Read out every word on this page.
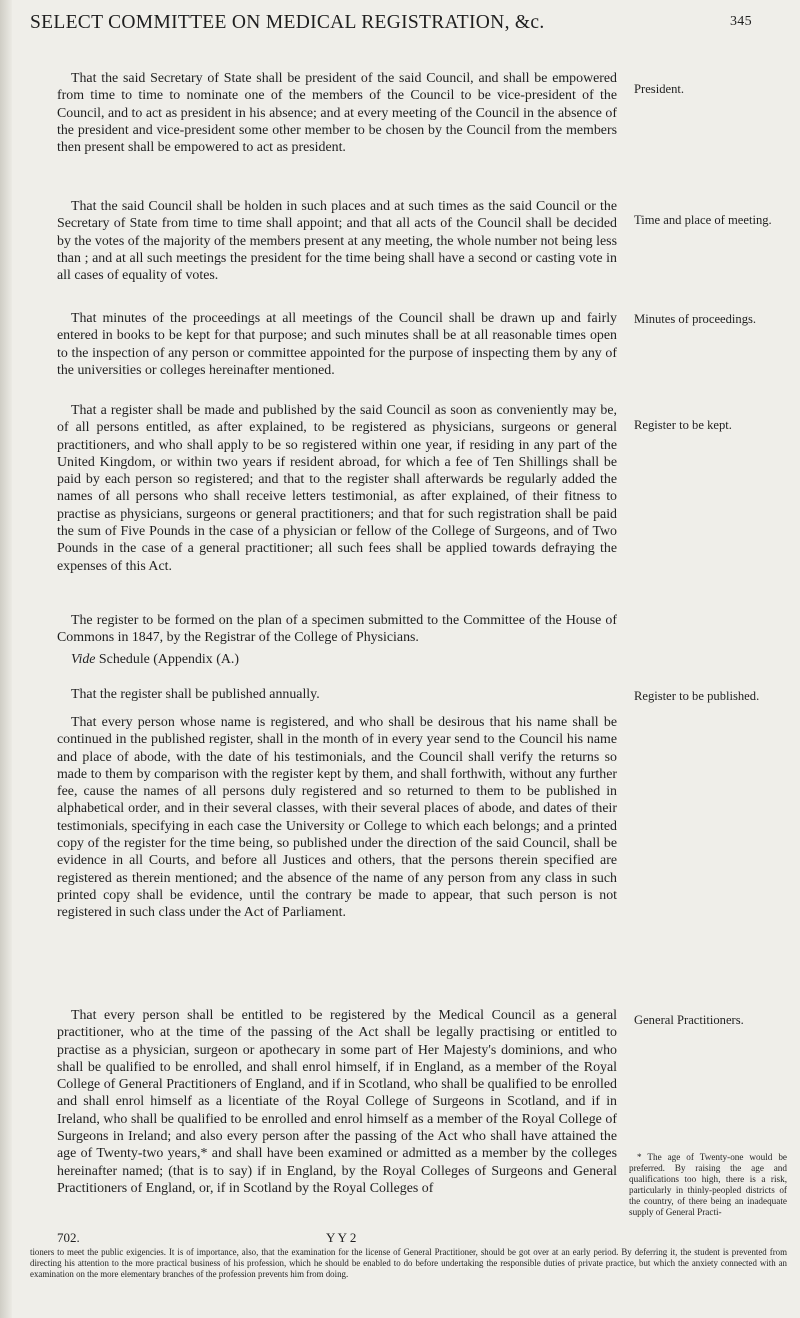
SELECT COMMITTEE ON MEDICAL REGISTRATION, &c.	345

That the said Secretary of State shall be president of the said Council, and shall be empowered from time to time to nominate one of the members of the Council to be vice-president of the Council, and to act as president in his absence; and at every meeting of the Council in the absence of the president and vice-president some other member to be chosen by the Council from the members then present shall be empowered to act as president.

That the said Council shall be holden in such places and at such times as the said Council or the Secretary of State from time to time shall appoint; and that all acts of the Council shall be decided by the votes of the majority of the members present at any meeting, the whole number not being less than ; and at all such meetings the president for the time being shall have a second or casting vote in all cases of equality of votes.

That minutes of the proceedings at all meetings of the Council shall be drawn up and fairly entered in books to be kept for that purpose; and such minutes shall be at all reasonable times open to the inspection of any person or committee appointed for the purpose of inspecting them by any of the universities or colleges hereinafter mentioned.

That a register shall be made and published by the said Council as soon as conveniently may be, of all persons entitled, as after explained, to be registered as physicians, surgeons or general practitioners, and who shall apply to be so registered within one year, if residing in any part of the United Kingdom, or within two years if resident abroad, for which a fee of Ten Shillings shall be paid by each person so registered; and that to the register shall afterwards be regularly added the names of all persons who shall receive letters testimonial, as after explained, of their fitness to practise as physicians, surgeons or general practitioners; and that for such registration shall be paid the sum of Five Pounds in the case of a physician or fellow of the College of Surgeons, and of Two Pounds in the case of a general practitioner; all such fees shall be applied towards defraying the expenses of this Act.

The register to be formed on the plan of a specimen submitted to the Committee of the House of Commons in 1847, by the Registrar of the College of Physicians.

Vide Schedule (Appendix (A.)

That the register shall be published annually.

That every person whose name is registered, and who shall be desirous that his name shall be continued in the published register, shall in the month of in every year send to the Council his name and place of abode, with the date of his testimonials, and the Council shall verify the returns so made to them by comparison with the register kept by them, and shall forthwith, without any further fee, cause the names of all persons duly registered and so returned to them to be published in alphabetical order, and in their several classes, with their several places of abode, and dates of their testimonials, specifying in each case the University or College to which each belongs; and a printed copy of the register for the time being, so published under the direction of the said Council, shall be evidence in all Courts, and before all Justices and others, that the persons therein specified are registered as therein mentioned; and the absence of the name of any person from any class in such printed copy shall be evidence, until the contrary be made to appear, that such person is not registered in such class under the Act of Parliament.

That every person shall be entitled to be registered by the Medical Council as a general practitioner, who at the time of the passing of the Act shall be legally practising or entitled to practise as a physician, surgeon or apothecary in some part of Her Majesty's dominions, and who shall be qualified to be enrolled, and shall enrol himself, if in England, as a member of the Royal College of General Practitioners of England, and if in Scotland, who shall be qualified to be enrolled and shall enrol himself as a licentiate of the Royal College of Surgeons in Scotland, and if in Ireland, who shall be qualified to be enrolled and enrol himself as a member of the Royal College of Surgeons in Ireland; and also every person after the passing of the Act who shall have attained the age of Twenty-two years,* and shall have been examined or admitted as a member by the colleges hereinafter named; (that is to say) if in England, by the Royal Colleges of Surgeons and General Practitioners of England, or, if in Scotland by the Royal Colleges of

President.

Time and place of meeting.

Minutes of proceedings.

Register to be kept.

Register to be published.

General Practitioners.

702.	Y Y 2

* The age of Twenty-one would be preferred. By raising the age and qualifications too high, there is a risk, particularly in thinly-peopled districts of the country, of there being an inadequate supply of General Practi-

tioners to meet the public exigencies. It is of importance, also, that the examination for the license of General Practitioner, should be got over at an early period. By deferring it, the student is prevented from directing his attention to the more practical business of his profession, which he should be enabled to do before undertaking the responsible duties of private practice, but which the anxiety connected with an examination on the more elementary branches of the profession prevents him from doing.
